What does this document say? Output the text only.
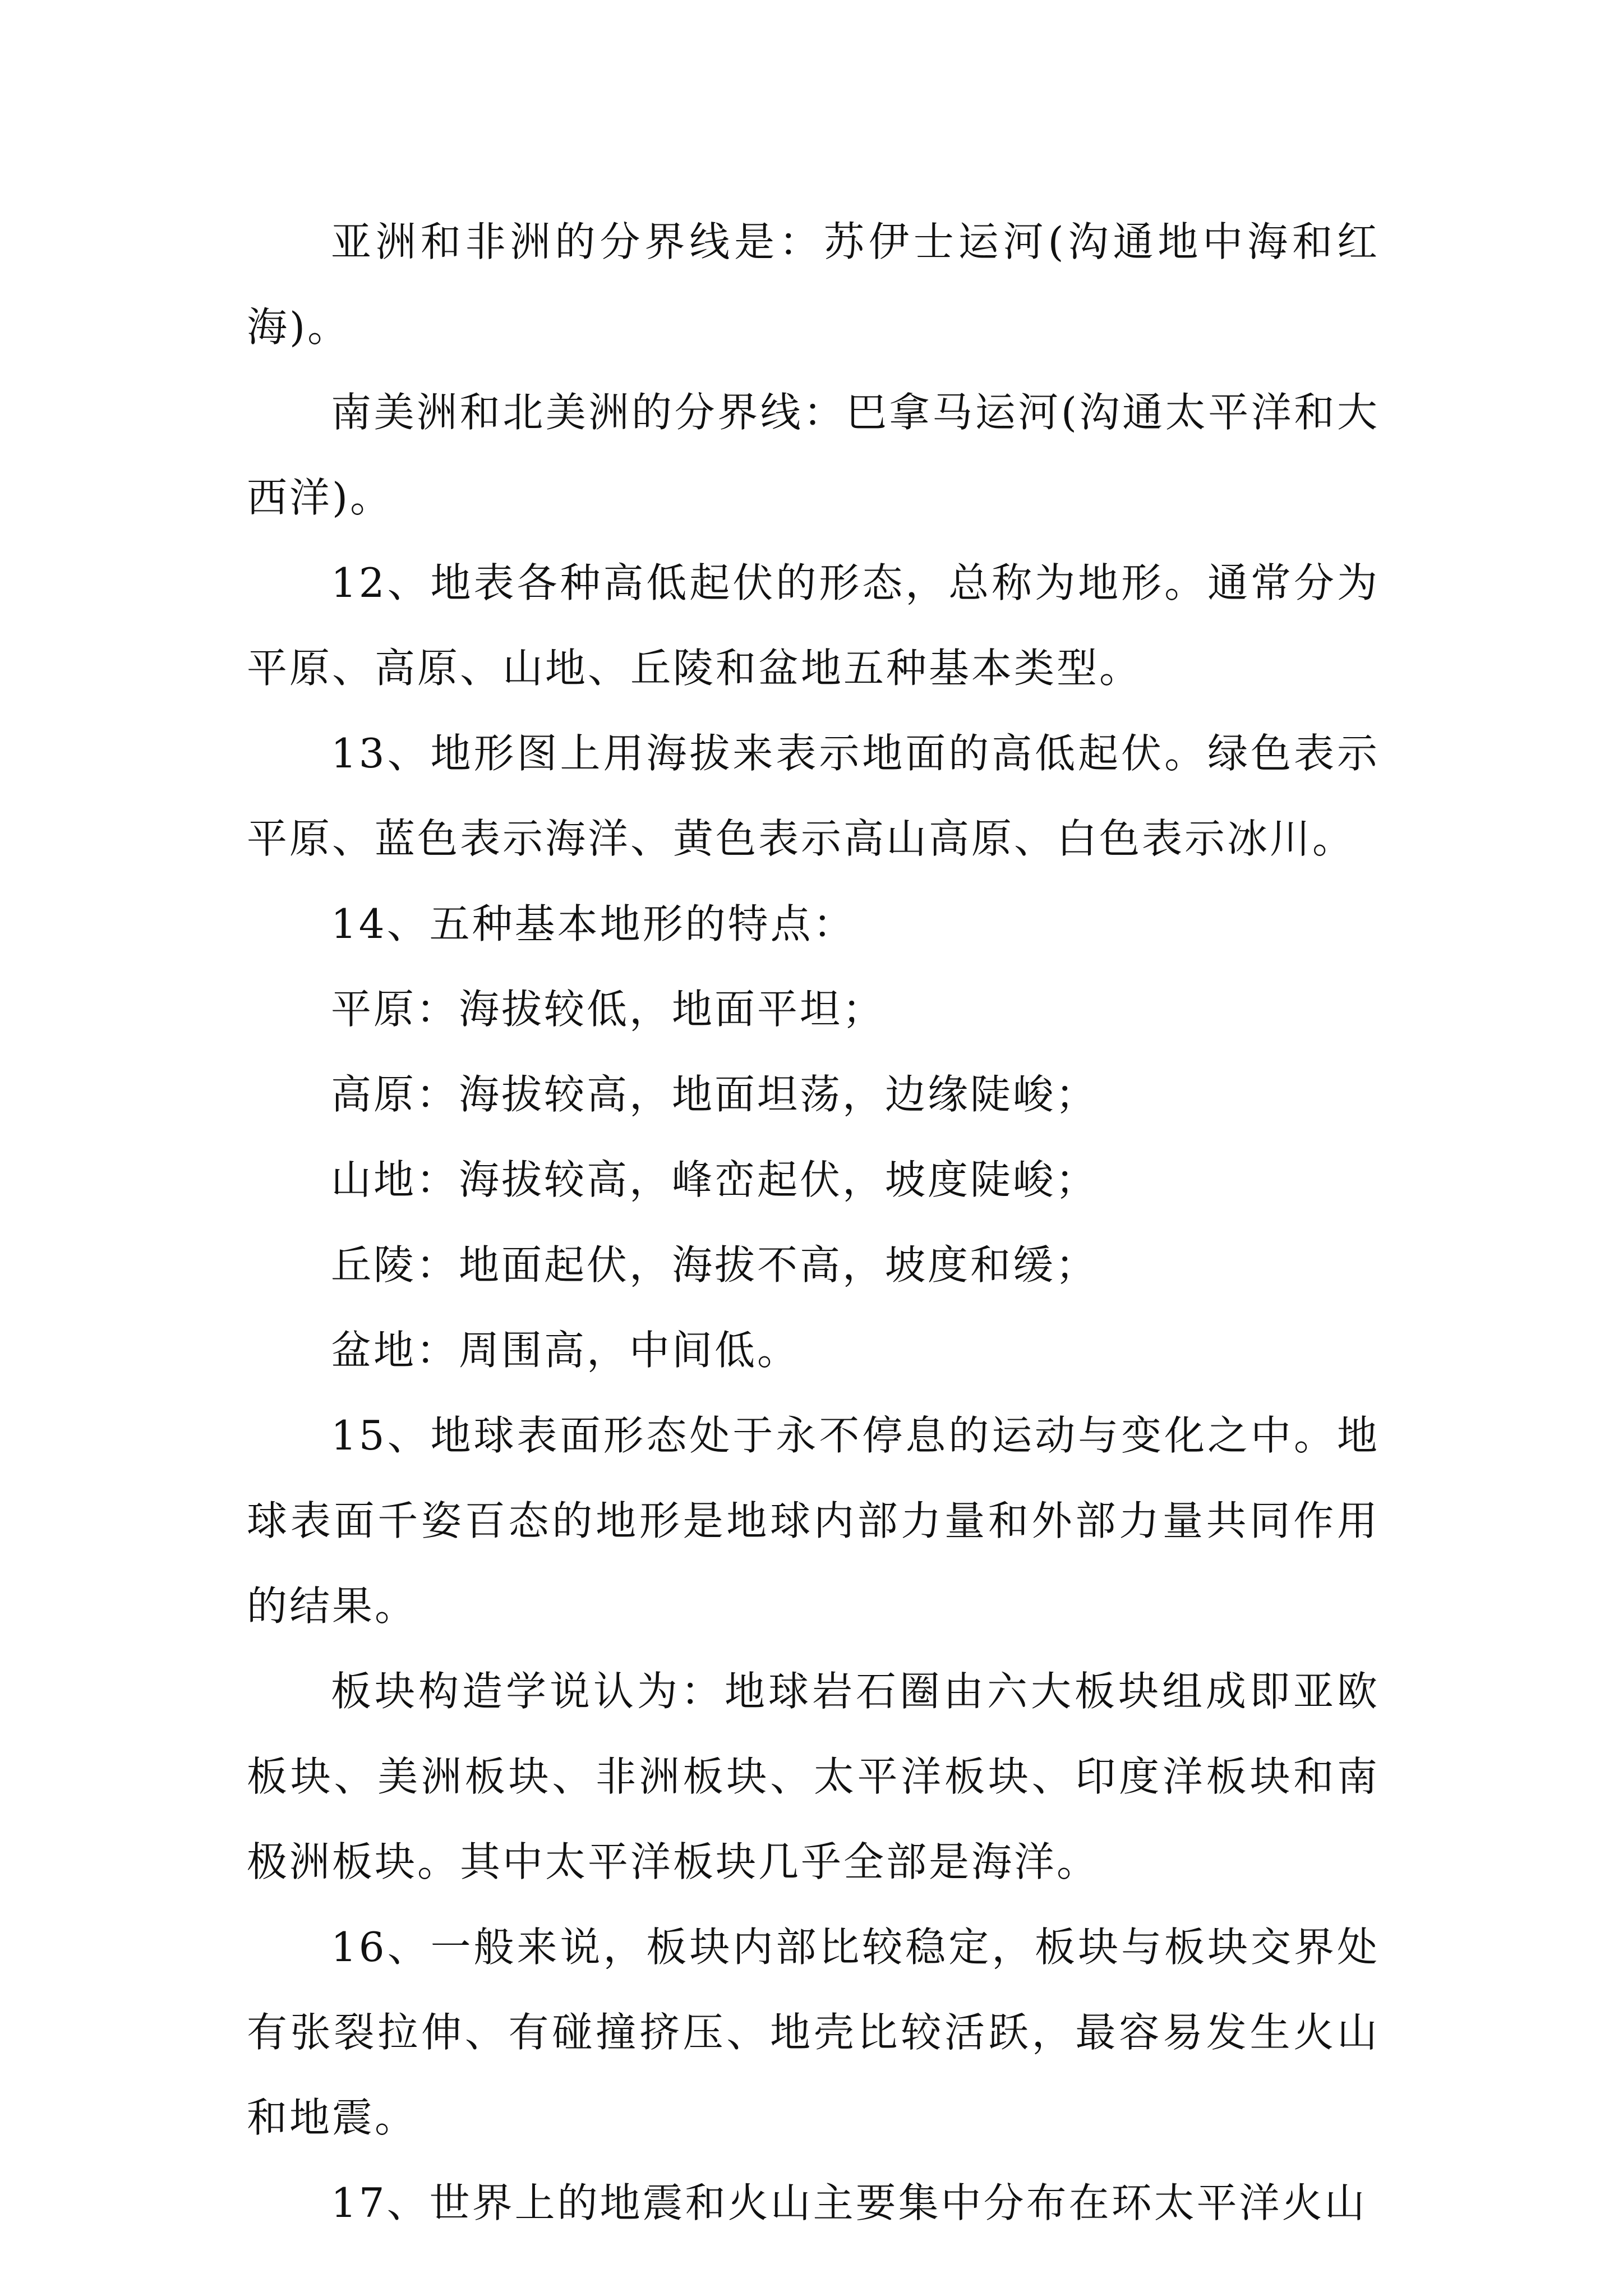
亚洲和非洲的分界线是：苏伊士运河(沟通地中海和红海)。

南美洲和北美洲的分界线：巴拿马运河(沟通太平洋和大西洋)。

12、地表各种高低起伏的形态，总称为地形。通常分为平原、高原、山地、丘陵和盆地五种基本类型。

13、地形图上用海拔来表示地面的高低起伏。绿色表示平原、蓝色表示海洋、黄色表示高山高原、白色表示冰川。

14、五种基本地形的特点：

平原：海拔较低，地面平坦；

高原：海拔较高，地面坦荡，边缘陡峻；

山地：海拔较高，峰峦起伏，坡度陡峻；

丘陵：地面起伏，海拔不高，坡度和缓；

盆地：周围高，中间低。

15、地球表面形态处于永不停息的运动与变化之中。地球表面千姿百态的地形是地球内部力量和外部力量共同作用的结果。

板块构造学说认为：地球岩石圈由六大板块组成即亚欧板块、美洲板块、非洲板块、太平洋板块、印度洋板块和南极洲板块。其中太平洋板块几乎全部是海洋。

16、一般来说，板块内部比较稳定，板块与板块交界处有张裂拉伸、有碰撞挤压、地壳比较活跃，最容易发生火山和地震。

17、世界上的地震和火山主要集中分布在环太平洋火山
